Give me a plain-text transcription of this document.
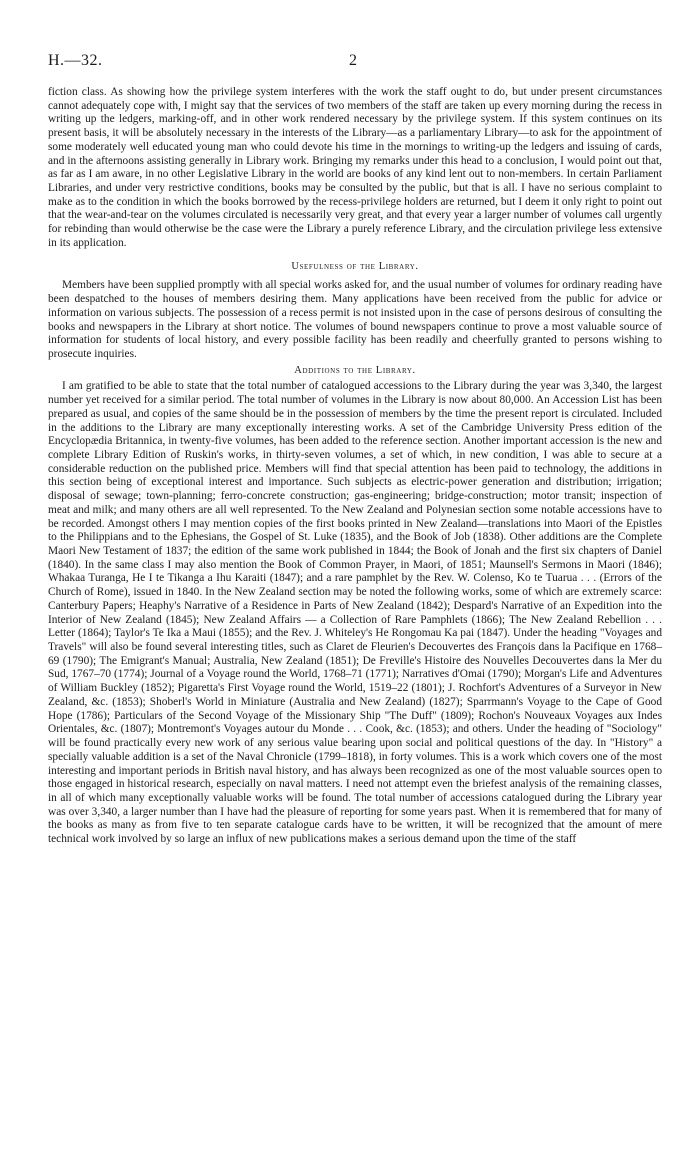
H.—32.	2

fiction class. As showing how the privilege system interferes with the work the staff ought to do, but under present circumstances cannot adequately cope with, I might say that the services of two members of the staff are taken up every morning during the recess in writing up the ledgers, marking-off, and in other work rendered necessary by the privilege system. If this system continues on its present basis, it will be absolutely necessary in the interests of the Library—as a parliamentary Library—to ask for the appointment of some moderately well educated young man who could devote his time in the mornings to writing-up the ledgers and issuing of cards, and in the afternoons assisting generally in Library work. Bringing my remarks under this head to a conclusion, I would point out that, as far as I am aware, in no other Legislative Library in the world are books of any kind lent out to non-members. In certain Parliament Libraries, and under very restrictive conditions, books may be consulted by the public, but that is all. I have no serious complaint to make as to the condition in which the books borrowed by the recess-privilege holders are returned, but I deem it only right to point out that the wear-and-tear on the volumes circulated is necessarily very great, and that every year a larger number of volumes call urgently for rebinding than would otherwise be the case were the Library a purely reference Library, and the circulation privilege less extensive in its application.

Usefulness of the Library.

Members have been supplied promptly with all special works asked for, and the usual number of volumes for ordinary reading have been despatched to the houses of members desiring them. Many applications have been received from the public for advice or information on various subjects. The possession of a recess permit is not insisted upon in the case of persons desirous of consulting the books and newspapers in the Library at short notice. The volumes of bound newspapers continue to prove a most valuable source of information for students of local history, and every possible facility has been readily and cheerfully granted to persons wishing to prosecute inquiries.

Additions to the Library.

I am gratified to be able to state that the total number of catalogued accessions to the Library during the year was 3,340, the largest number yet received for a similar period. The total number of volumes in the Library is now about 80,000. An Accession List has been prepared as usual, and copies of the same should be in the possession of members by the time the present report is circulated. Included in the additions to the Library are many exceptionally interesting works. A set of the Cambridge University Press edition of the Encyclopædia Britannica, in twenty-five volumes, has been added to the reference section. Another important accession is the new and complete Library Edition of Ruskin's works, in thirty-seven volumes, a set of which, in new condition, I was able to secure at a considerable reduction on the published price. Members will find that special attention has been paid to technology, the additions in this section being of exceptional interest and importance. Such subjects as electric-power generation and distribution; irrigation; disposal of sewage; town-planning; ferro-concrete construction; gas-engineering; bridge-construction; motor transit; inspection of meat and milk; and many others are all well represented. To the New Zealand and Polynesian section some notable accessions have to be recorded. Amongst others I may mention copies of the first books printed in New Zealand—translations into Maori of the Epistles to the Philippians and to the Ephesians, the Gospel of St. Luke (1835), and the Book of Job (1838). Other additions are the Complete Maori New Testament of 1837; the edition of the same work published in 1844; the Book of Jonah and the first six chapters of Daniel (1840). In the same class I may also mention the Book of Common Prayer, in Maori, of 1851; Maunsell's Sermons in Maori (1846); Whakaa Turanga, He I te Tikanga a Ihu Karaiti (1847); and a rare pamphlet by the Rev. W. Colenso, Ko te Tuarua . . . (Errors of the Church of Rome), issued in 1840. In the New Zealand section may be noted the following works, some of which are extremely scarce: Canterbury Papers; Heaphy's Narrative of a Residence in Parts of New Zealand (1842); Despard's Narrative of an Expedition into the Interior of New Zealand (1845); New Zealand Affairs — a Collection of Rare Pamphlets (1866); The New Zealand Rebellion . . . Letter (1864); Taylor's Te Ika a Maui (1855); and the Rev. J. Whiteley's He Rongomau Ka pai (1847). Under the heading "Voyages and Travels" will also be found several interesting titles, such as Claret de Fleurien's Decouvertes des François dans la Pacifique en 1768–69 (1790); The Emigrant's Manual; Australia, New Zealand (1851); De Freville's Histoire des Nouvelles Decouvertes dans la Mer du Sud, 1767–70 (1774); Journal of a Voyage round the World, 1768–71 (1771); Narratives d'Omai (1790); Morgan's Life and Adventures of William Buckley (1852); Pigaretta's First Voyage round the World, 1519–22 (1801); J. Rochfort's Adventures of a Surveyor in New Zealand, &c. (1853); Shoberl's World in Miniature (Australia and New Zealand) (1827); Sparrmann's Voyage to the Cape of Good Hope (1786); Particulars of the Second Voyage of the Missionary Ship "The Duff" (1809); Rochon's Nouveaux Voyages aux Indes Orientales, &c. (1807); Montremont's Voyages autour du Monde . . . Cook, &c. (1853); and others. Under the heading of "Sociology" will be found practically every new work of any serious value bearing upon social and political questions of the day. In "History" a specially valuable addition is a set of the Naval Chronicle (1799–1818), in forty volumes. This is a work which covers one of the most interesting and important periods in British naval history, and has always been recognized as one of the most valuable sources open to those engaged in historical research, especially on naval matters. I need not attempt even the briefest analysis of the remaining classes, in all of which many exceptionally valuable works will be found. The total number of accessions catalogued during the Library year was over 3,340, a larger number than I have had the pleasure of reporting for some years past. When it is remembered that for many of the books as many as from five to ten separate catalogue cards have to be written, it will be recognized that the amount of mere technical work involved by so large an influx of new publications makes a serious demand upon the time of the staff
